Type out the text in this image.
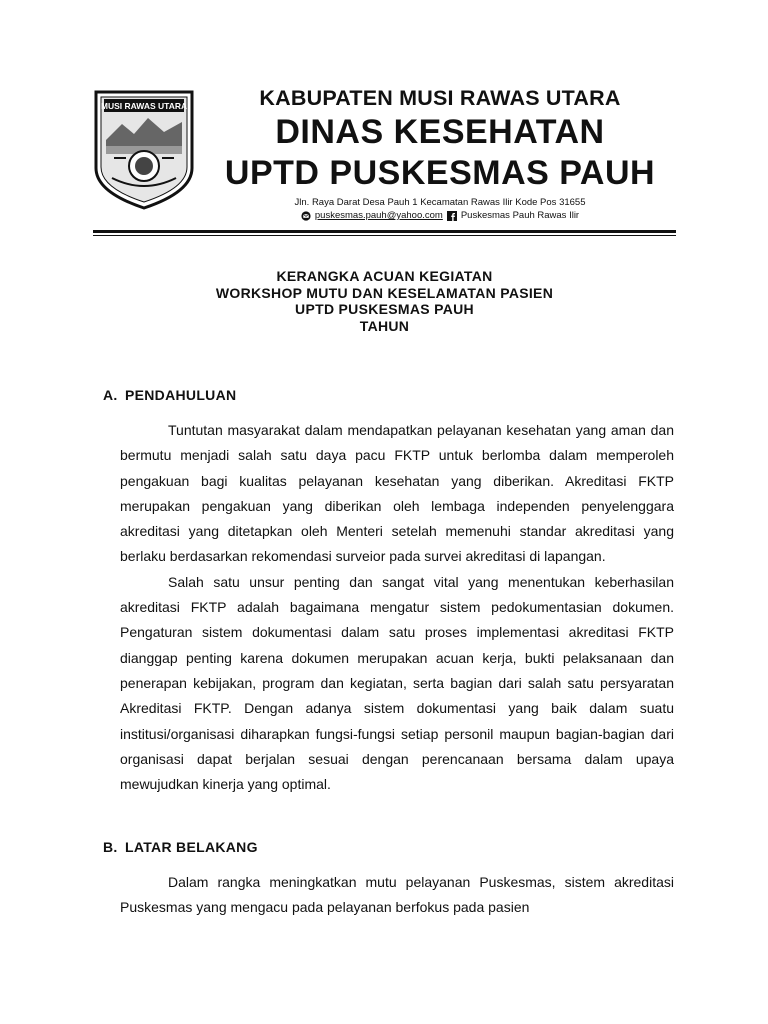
MUSI RAWAS UTARA	KABUPATEN MUSI RAWAS UTARA
DINAS KESEHATAN
UPTD PUSKESMAS PAUH
Jln. Raya Darat Desa Pauh 1 Kecamatan Rawas Ilir Kode Pos 31655
puskesmas.pauh@yahoo.com Puskesmas Pauh Rawas Ilir
KERANGKA ACUAN KEGIATAN
WORKSHOP MUTU DAN KESELAMATAN PASIEN
UPTD PUSKESMAS PAUH
TAHUN
A. PENDAHULUAN

Tuntutan masyarakat dalam mendapatkan pelayanan kesehatan yang aman dan bermutu menjadi salah satu daya pacu FKTP untuk berlomba dalam memperoleh pengakuan bagi kualitas pelayanan kesehatan yang diberikan. Akreditasi FKTP merupakan pengakuan yang diberikan oleh lembaga independen penyelenggara akreditasi yang ditetapkan oleh Menteri setelah memenuhi standar akreditasi yang berlaku berdasarkan rekomendasi surveior pada survei akreditasi di lapangan.

Salah satu unsur penting dan sangat vital yang menentukan keberhasilan akreditasi FKTP adalah bagaimana mengatur sistem pedokumentasian dokumen. Pengaturan sistem dokumentasi dalam satu proses implementasi akreditasi FKTP dianggap penting karena dokumen merupakan acuan kerja, bukti pelaksanaan dan penerapan kebijakan, program dan kegiatan, serta bagian dari salah satu persyaratan Akreditasi FKTP. Dengan adanya sistem dokumentasi yang baik dalam suatu institusi/organisasi diharapkan fungsi-fungsi setiap personil maupun bagian-bagian dari organisasi dapat berjalan sesuai dengan perencanaan bersama dalam upaya mewujudkan kinerja yang optimal.

B. LATAR BELAKANG

Dalam rangka meningkatkan mutu pelayanan Puskesmas, sistem akreditasi Puskesmas yang mengacu pada pelayanan berfokus pada pasien
